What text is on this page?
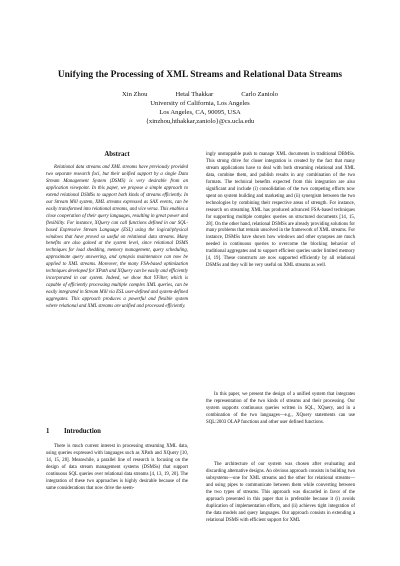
Unifying the Processing of XML Streams and Relational Data Streams
Xin Zhou	Hetal Thakkar	Carlo Zaniolo
University of California, Los Angeles
Los Angeles, CA, 90095, USA
{xinzhou,hthakkar,zaniolo}@cs.ucla.edu
Abstract

Relational data streams and XML streams have previously provided two separate research foci, but their unified support by a single Data Stream Management System (DSMS) is very desirable from an application viewpoint. In this paper, we propose a simple approach to extend relational DSMSs to support both kinds of streams efficiently. In our Stream Mill system, XML streams expressed as SAX events, can be easily transformed into relational streams, and vice versa. This enables a close cooperation of their query languages, resulting in great power and flexibility. For instance, XQuery can call functions defined in our SQL-based Expressive Stream Language (ESL) using the logical/physical windows that have proved so useful on relational data streams. Many benefits are also gained at the system level, since relational DSMS techniques for load shedding, memory management, query scheduling, approximate query answering, and synopsis maintenance can now be applied to XML streams. Moreover, the many FSA-based optimization techniques developed for XPath and XQuery can be easily and efficiently incorporated in our system. Indeed, we show that YFilter, which is capable of efficiently processing multiple complex XML queries, can be easily integrated in Stream Mill via ESL user-defined and system-defined aggregates. This approach produces a powerful and flexible system where relational and XML streams are unified and processed efficiently.

1 Introduction

There is much current interest in processing streaming XML data, using queries expressed with languages such as XPath and XQuery [10, 14, 15, 28]. Meanwhile, a parallel line of research is focusing on the design of data stream management systems (DSMSs) that support continuous SQL queries over relational data streams [4, 13, 19, 20]. The integration of these two approaches is highly desirable because of the same considerations that now drive the seem-

ingly unstoppable push to manage XML documents in traditional DBMSs. This strong drive for closer integration is created by the fact that many stream applications have to deal with both streaming relational and XML data, combine them, and publish results in any combination of the two formats. The technical benefits expected from this integration are also significant and include (i) consolidation of the two competing efforts now spent on system building and marketing and (ii) synergism between the two technologies by combining their respective areas of strength. For instance, research on streaming XML has produced advanced FSA-based techniques for supporting multiple complex queries on structured documents [14, 15, 28]. On the other hand, relational DSMSs are already providing solutions for many problems that remain unsolved in the framework of XML streams. For instance, DSMSs have shown how windows and other synopses are much needed in continuous queries to overcome the blocking behavior of traditional aggregates and to support efficient queries under limited memory [4, 19]. These constructs are now supported efficiently by all relational DSMSs and they will be very useful on XML streams as well.

In this paper, we present the design of a unified system that integrates the representation of the two kinds of streams and their processing. Our system supports continuous queries written in SQL, XQuery, and in a combination of the two languages—e.g., XQuery statements can use SQL:2003 OLAP functions and other user defined functions.

The architecture of our system was chosen after evaluating and discarding alternative designs. An obvious approach consists in building two subsystems—one for XML streams and the other for relational streams—and using pipes to communicate between them while converting between the two types of streams. This approach was discarded in favor of the approach presented in this paper that is preferable because it (i) avoids duplication of implementation efforts, and (ii) achieves tight integration of the data models and query languages. Our approach consists in extending a relational DSMS with efficient support for XML
